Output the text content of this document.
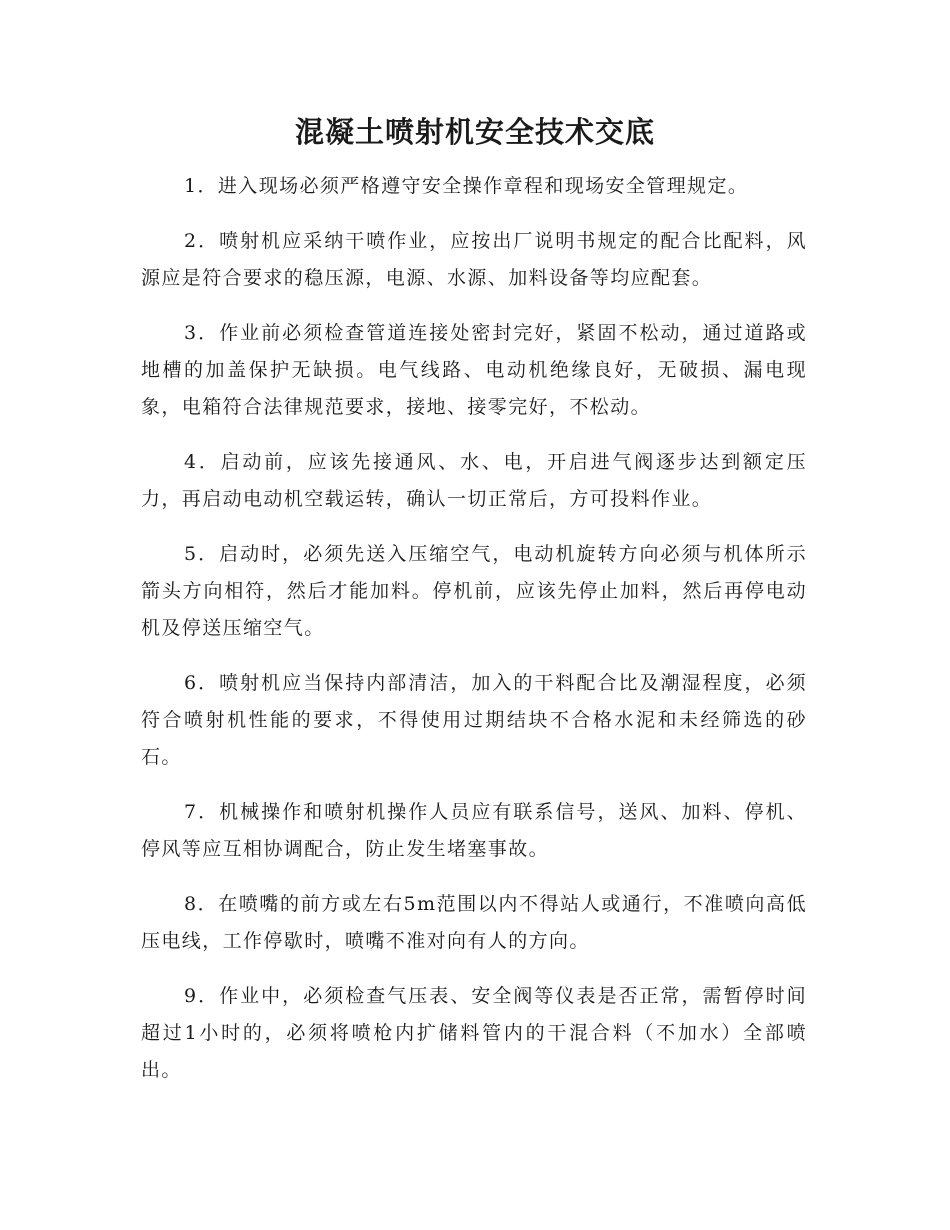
混凝土喷射机安全技术交底

1．进入现场必须严格遵守安全操作章程和现场安全管理规定。

2．喷射机应采纳干喷作业，应按出厂说明书规定的配合比配料，风源应是符合要求的稳压源，电源、水源、加料设备等均应配套。

3．作业前必须检查管道连接处密封完好，紧固不松动，通过道路或地槽的加盖保护无缺损。电气线路、电动机绝缘良好，无破损、漏电现象，电箱符合法律规范要求，接地、接零完好，不松动。

4．启动前，应该先接通风、水、电，开启进气阀逐步达到额定压力，再启动电动机空载运转，确认一切正常后，方可投料作业。

5．启动时，必须先送入压缩空气，电动机旋转方向必须与机体所示箭头方向相符，然后才能加料。停机前，应该先停止加料，然后再停电动机及停送压缩空气。

6．喷射机应当保持内部清洁，加入的干料配合比及潮湿程度，必须符合喷射机性能的要求，不得使用过期结块不合格水泥和未经筛选的砂石。

7．机械操作和喷射机操作人员应有联系信号，送风、加料、停机、停风等应互相协调配合，防止发生堵塞事故。

8．在喷嘴的前方或左右5m范围以内不得站人或通行，不准喷向高低压电线，工作停歇时，喷嘴不准对向有人的方向。

9．作业中，必须检查气压表、安全阀等仪表是否正常，需暂停时间超过1小时的，必须将喷枪内扩储料管内的干混合料（不加水）全部喷出。
